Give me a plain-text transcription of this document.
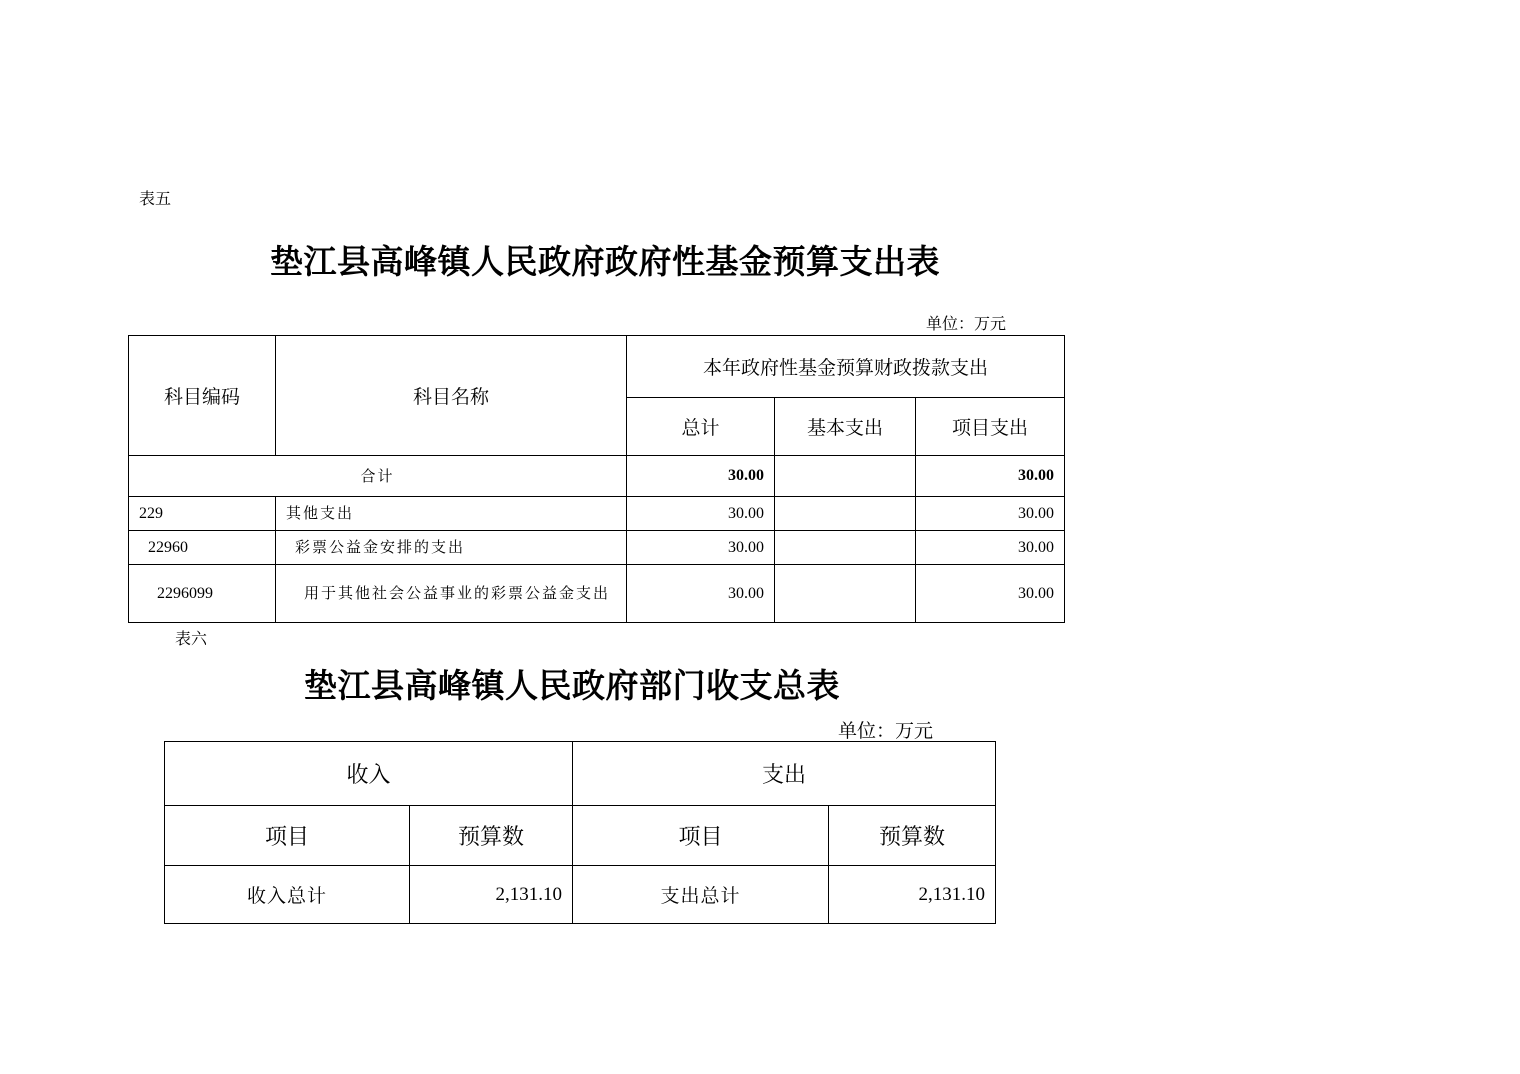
表五
垫江县高峰镇人民政府政府性基金预算支出表
单位：万元
科目编码	科目名称	本年政府性基金预算财政拨款支出		
		总计	基本支出	项目支出
合计		30.00		30.00
229	其他支出	30.00		30.00
22960	彩票公益金安排的支出	30.00		30.00
2296099	用于其他社会公益事业的彩票公益金支出	30.00		30.00
表六
垫江县高峰镇人民政府部门收支总表
单位：万元
收入		支出	
项目	预算数	项目	预算数
收入总计	2,131.10	支出总计	2,131.10
